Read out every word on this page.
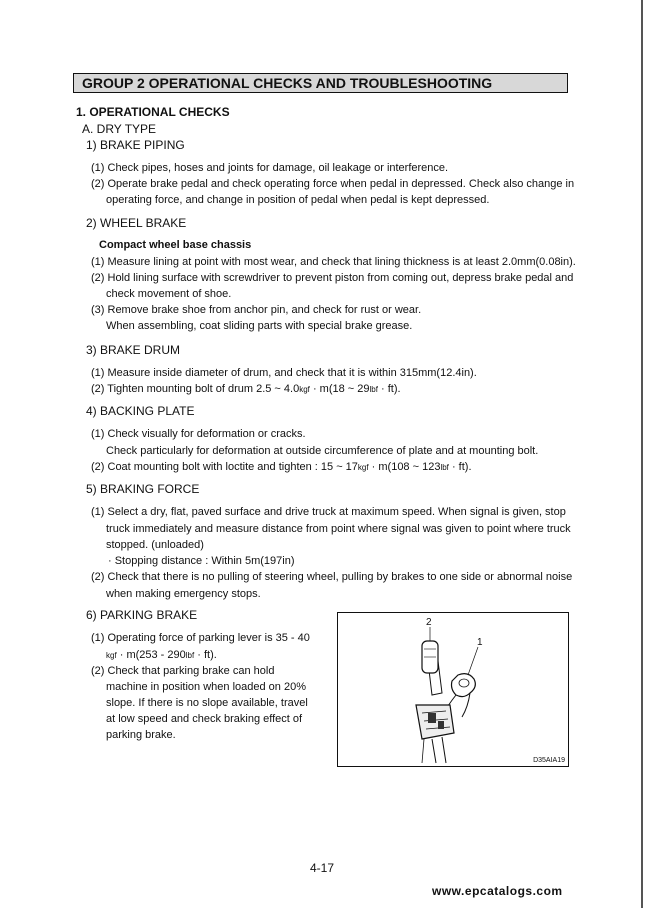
GROUP 2 OPERATIONAL CHECKS AND TROUBLESHOOTING
1. OPERATIONAL CHECKS
A. DRY TYPE
1) BRAKE PIPING
(1) Check pipes, hoses and joints for damage, oil leakage or interference.
(2) Operate brake pedal and check operating force when pedal in depressed. Check also change in
operating force, and change in position of pedal when pedal is kept depressed.
2) WHEEL BRAKE
Compact wheel base chassis
(1) Measure lining at point with most wear, and check that lining thickness is at least 2.0mm(0.08in).
(2) Hold lining surface with screwdriver to prevent piston from coming out, depress brake pedal and
check movement of shoe.
(3) Remove brake shoe from anchor pin, and check for rust or wear.
When assembling, coat sliding parts with special brake grease.
3) BRAKE DRUM
(1) Measure inside diameter of drum, and check that it is within 315mm(12.4in).
(2) Tighten mounting bolt of drum 2.5 ~ 4.0kgf · m(18 ~ 29lbf · ft).
4) BACKING PLATE
(1) Check visually for deformation or cracks.
Check particularly for deformation at outside circumference of plate and at mounting bolt.
(2) Coat mounting bolt with loctite and tighten : 15 ~ 17kgf · m(108 ~ 123lbf · ft).
5) BRAKING FORCE
(1) Select a dry, flat, paved surface and drive truck at maximum speed. When signal is given, stop
truck immediately and measure distance from point where signal was given to point where truck
stopped. (unloaded)
· Stopping distance : Within 5m(197in)
(2) Check that there is no pulling of steering wheel, pulling by brakes to one side or abnormal noise
when making emergency stops.
6) PARKING BRAKE
(1) Operating force of parking lever is 35 - 40
kgf · m(253 - 290lbf · ft).
(2) Check that parking brake can hold
machine in position when loaded on 20%
slope. If there is no slope available, travel
at low speed and check braking effect of
parking brake.
2
1
D35AIA19
4-17
www.epcatalogs.com
